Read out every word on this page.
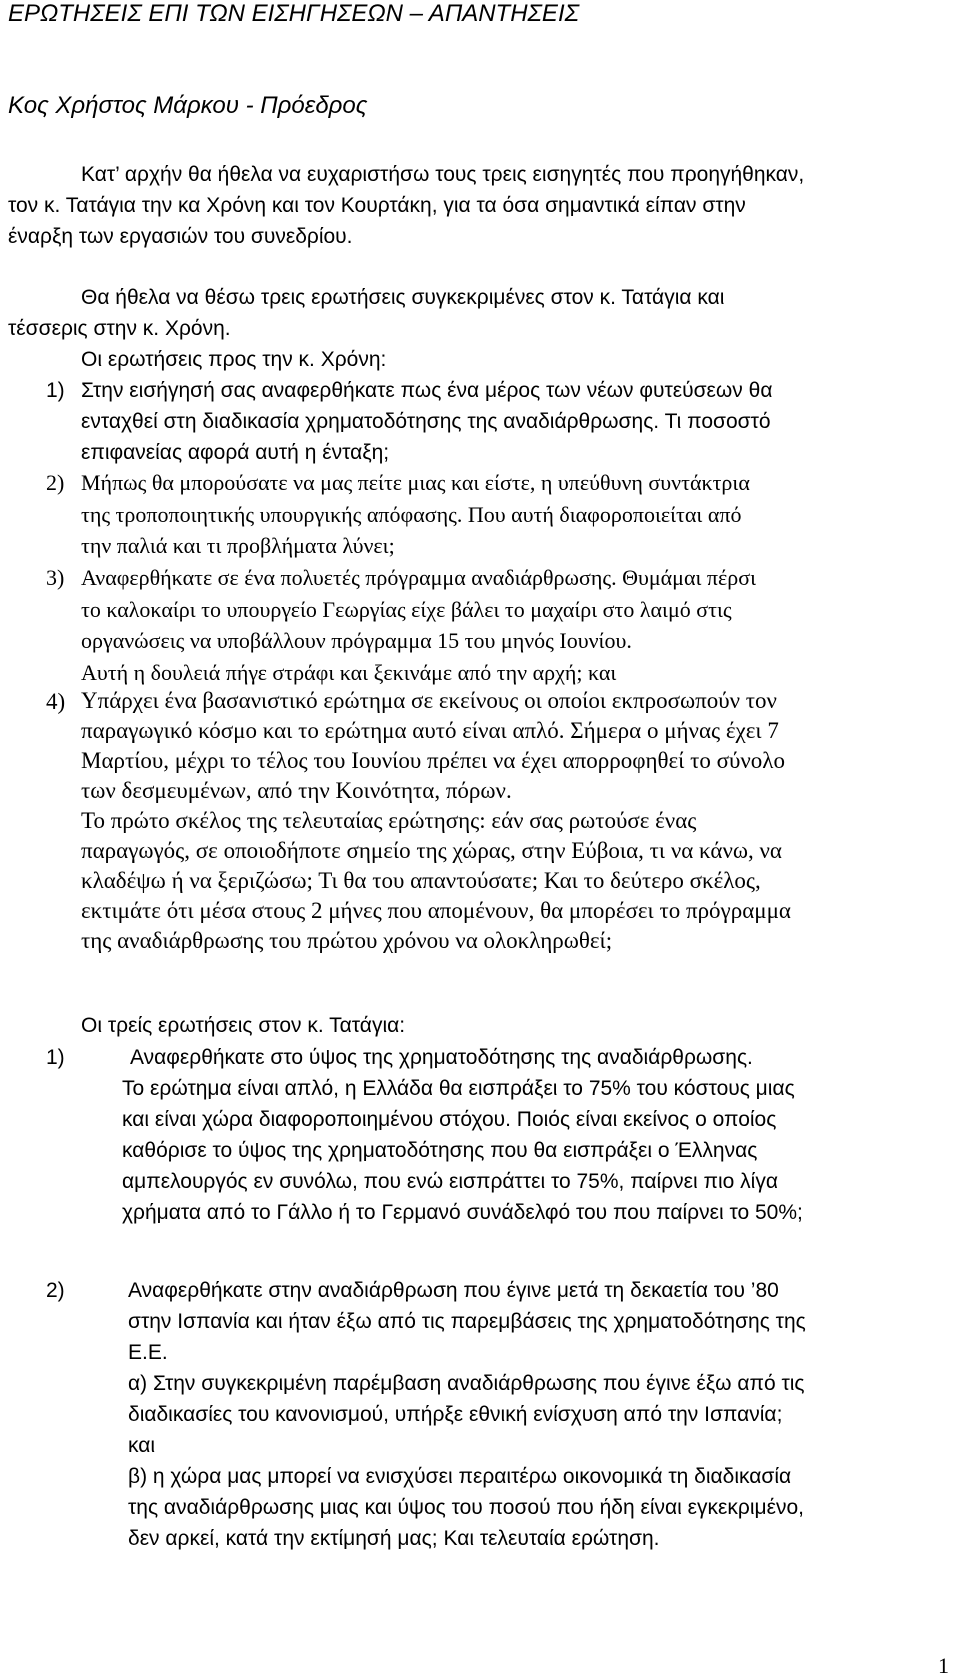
ΕΡΩΤΗΣΕΙΣ ΕΠΙ ΤΩΝ ΕΙΣΗΓΗΣΕΩΝ – ΑΠΑΝΤΗΣΕΙΣ
Κος Χρήστος Μάρκου - Πρόεδρος
Κατ’ αρχήν θα ήθελα να ευχαριστήσω τους τρεις εισηγητές που προηγήθηκαν,
τον κ. Τατάγια την κα Χρόνη και τον Κουρτάκη, για τα όσα σημαντικά είπαν στην
έναρξη των εργασιών του συνεδρίου.
Θα ήθελα να θέσω τρεις ερωτήσεις συγκεκριμένες στον κ. Τατάγια και
τέσσερις στην κ. Χρόνη.
Οι ερωτήσεις προς την κ. Χρόνη:
1) Στην εισήγησή σας αναφερθήκατε πως ένα μέρος των νέων φυτεύσεων θα
ενταχθεί στη διαδικασία χρηματοδότησης της αναδιάρθρωσης. Τι ποσοστό
επιφανείας αφορά αυτή η ένταξη;
2) Μήπως θα μπορούσατε να μας πείτε μιας και είστε, η υπεύθυνη συντάκτρια
της τροποποιητικής υπουργικής απόφασης. Που αυτή διαφοροποιείται από
την παλιά και τι προβλήματα λύνει;
3) Αναφερθήκατε σε ένα πολυετές πρόγραμμα αναδιάρθρωσης. Θυμάμαι πέρσι
το καλοκαίρι το υπουργείο Γεωργίας είχε βάλει το μαχαίρι στο λαιμό στις
οργανώσεις να υποβάλλουν πρόγραμμα 15 του μηνός Ιουνίου.
Αυτή η δουλειά πήγε στράφι και ξεκινάμε από την αρχή; και
4) Υπάρχει ένα βασανιστικό ερώτημα σε εκείνους οι οποίοι εκπροσωπούν τον
παραγωγικό κόσμο και το ερώτημα αυτό είναι απλό. Σήμερα ο μήνας έχει 7
Μαρτίου, μέχρι το τέλος του Ιουνίου πρέπει να έχει απορροφηθεί το σύνολο
των δεσμευμένων, από την Κοινότητα, πόρων.
Το πρώτο σκέλος της τελευταίας ερώτησης: εάν σας ρωτούσε ένας
παραγωγός, σε οποιοδήποτε σημείο της χώρας, στην Εύβοια, τι να κάνω, να
κλαδέψω ή να ξεριζώσω; Τι θα του απαντούσατε; Και το δεύτερο σκέλος,
εκτιμάτε ότι μέσα στους 2 μήνες που απομένουν, θα μπορέσει το πρόγραμμα
της αναδιάρθρωσης του πρώτου χρόνου να ολοκληρωθεί;
Οι τρείς ερωτήσεις στον κ. Τατάγια:
1)	Αναφερθήκατε στο ύψος της χρηματοδότησης της αναδιάρθρωσης.
Το ερώτημα είναι απλό, η Ελλάδα θα εισπράξει το 75% του κόστους μιας
και είναι χώρα διαφοροποιημένου στόχου. Ποιός είναι εκείνος ο οποίος
καθόρισε το ύψος της χρηματοδότησης που θα εισπράξει ο Έλληνας
αμπελουργός εν συνόλω, που ενώ εισπράττει το 75%, παίρνει πιο λίγα
χρήματα από το Γάλλο ή το Γερμανό συνάδελφό του που παίρνει το 50%;
2)	Αναφερθήκατε στην αναδιάρθρωση που έγινε μετά τη δεκαετία του ’80
στην Ισπανία και ήταν έξω από τις παρεμβάσεις της χρηματοδότησης της
Ε.Ε.
α) Στην συγκεκριμένη παρέμβαση αναδιάρθρωσης που έγινε έξω από τις
διαδικασίες του κανονισμού, υπήρξε εθνική ενίσχυση από την Ισπανία;
και
β) η χώρα μας μπορεί να ενισχύσει περαιτέρω οικονομικά τη διαδικασία
της αναδιάρθρωσης μιας και ύψος του ποσού που ήδη είναι εγκεκριμένο,
δεν αρκεί, κατά την εκτίμησή μας; Και τελευταία ερώτηση.
1
